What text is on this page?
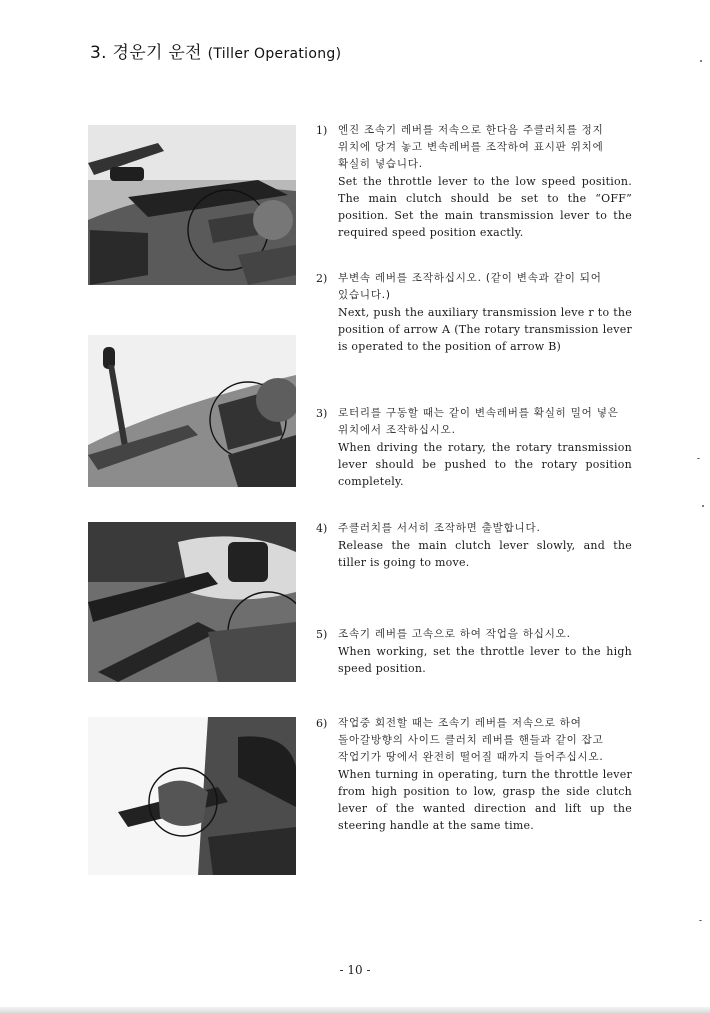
3. 경운기 운전 (Tiller Operationg)
1)	엔진 조속기 레버를 저속으로 한다음 주클러치를 정지 위치에 당겨 놓고 변속레버를 조작하여 표시판 위치에 확실히 넣습니다.
Set the throttle lever to the low speed position. The main clutch should be set to the “OFF” position. Set the main transmission lever to the required speed position exactly.
2)	부변속 레버를 조작하십시오. (같이 변속과 같이 되어 있습니다.)
Next, push the auxiliary transmission leve r to the position of arrow A (The rotary transmission lever is operated to the position of arrow B)
3)	로터리를 구동할 때는 같이 변속레버를 확실히 밀어 넣은 위치에서 조작하십시오.
When driving the rotary, the rotary transmission lever should be pushed to the rotary position completely.
4)	주클러치를 서서히 조작하면 출발합니다.
Release the main clutch lever slowly, and the tiller is going to move.
5)	조속기 레버를 고속으로 하여 작업을 하십시오.
When working, set the throttle lever to the high speed position.
6)	작업중 회전할 때는 조속기 레버를 저속으로 하여 돌아갈방향의 사이드 클러치 레버를 핸들과 같이 잡고 작업기가 땅에서 완전히 떨어질 때까지 들어주십시오.
When turning in operating, turn the throttle lever from high position to low, grasp the side clutch lever of the wanted direction and lift up the steering handle at the same time.
- 10 -
